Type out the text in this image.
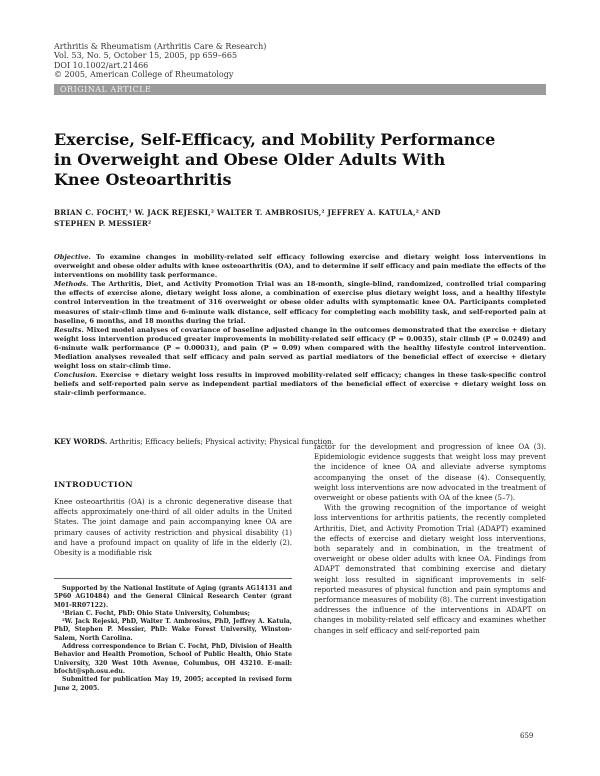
Arthritis & Rheumatism (Arthritis Care & Research)
Vol. 53, No. 5, October 15, 2005, pp 659–665
DOI 10.1002/art.21466
© 2005, American College of Rheumatology
ORIGINAL ARTICLE
Exercise, Self-Efficacy, and Mobility Performance
in Overweight and Obese Older Adults With
Knee Osteoarthritis
BRIAN C. FOCHT,¹ W. JACK REJESKI,² WALTER T. AMBROSIUS,² JEFFREY A. KATULA,² AND
STEPHEN P. MESSIER²

Objective. To examine changes in mobility-related self efficacy following exercise and dietary weight loss interventions in overweight and obese older adults with knee osteoarthritis (OA), and to determine if self efficacy and pain mediate the effects of the interventions on mobility task performance.

Methods. The Arthritis, Diet, and Activity Promotion Trial was an 18-month, single-blind, randomized, controlled trial comparing the effects of exercise alone, dietary weight loss alone, a combination of exercise plus dietary weight loss, and a healthy lifestyle control intervention in the treatment of 316 overweight or obese older adults with symptomatic knee OA. Participants completed measures of stair-climb time and 6-minute walk distance, self efficacy for completing each mobility task, and self-reported pain at baseline, 6 months, and 18 months during the trial.

Results. Mixed model analyses of covariance of baseline adjusted change in the outcomes demonstrated that the exercise + dietary weight loss intervention produced greater improvements in mobility-related self efficacy (P = 0.0035), stair climb (P = 0.0249) and 6-minute walk performance (P = 0.00031), and pain (P = 0.09) when compared with the healthy lifestyle control intervention. Mediation analyses revealed that self efficacy and pain served as partial mediators of the beneficial effect of exercise + dietary weight loss on stair-climb time.

Conclusion. Exercise + dietary weight loss results in improved mobility-related self efficacy; changes in these task-specific control beliefs and self-reported pain serve as independent partial mediators of the beneficial effect of exercise + dietary weight loss on stair-climb performance.

KEY WORDS. Arthritis; Efficacy beliefs; Physical activity; Physical function.
INTRODUCTION

Knee osteoarthritis (OA) is a chronic degenerative disease that affects approximately one-third of all older adults in the United States. The joint damage and pain accompanying knee OA are primary causes of activity restriction and physical disability (1) and have a profound impact on quality of life in the elderly (2). Obesity is a modifiable risk

Supported by the National Institute of Aging (grants AG14131 and 5P60 AG10484) and the General Clinical Research Center (grant M01-RR07122).

¹Brian C. Focht, PhD: Ohio State University, Columbus;

²W. Jack Rejeski, PhD, Walter T. Ambrosius, PhD, Jeffrey A. Katula, PhD, Stephen P. Messier, PhD: Wake Forest University, Winston-Salem, North Carolina.

Address correspondence to Brian C. Focht, PhD, Division of Health Behavior and Health Promotion, School of Public Health, Ohio State University, 320 West 10th Avenue, Columbus, OH 43210. E-mail: bfocht@sph.osu.edu.

Submitted for publication May 19, 2005; accepted in revised form June 2, 2005.

factor for the development and progression of knee OA (3). Epidemiologic evidence suggests that weight loss may prevent the incidence of knee OA and alleviate adverse symptoms accompanying the onset of the disease (4). Consequently, weight loss interventions are now advocated in the treatment of overweight or obese patients with OA of the knee (5–7).

With the growing recognition of the importance of weight loss interventions for arthritis patients, the recently completed Arthritis, Diet, and Activity Promotion Trial (ADAPT) examined the effects of exercise and dietary weight loss interventions, both separately and in combination, in the treatment of overweight or obese older adults with knee OA. Findings from ADAPT demonstrated that combining exercise and dietary weight loss resulted in significant improvements in self-reported measures of physical function and pain symptoms and performance measures of mobility (8). The current investigation addresses the influence of the interventions in ADAPT on changes in mobility-related self efficacy and examines whether changes in self efficacy and self-reported pain

659
